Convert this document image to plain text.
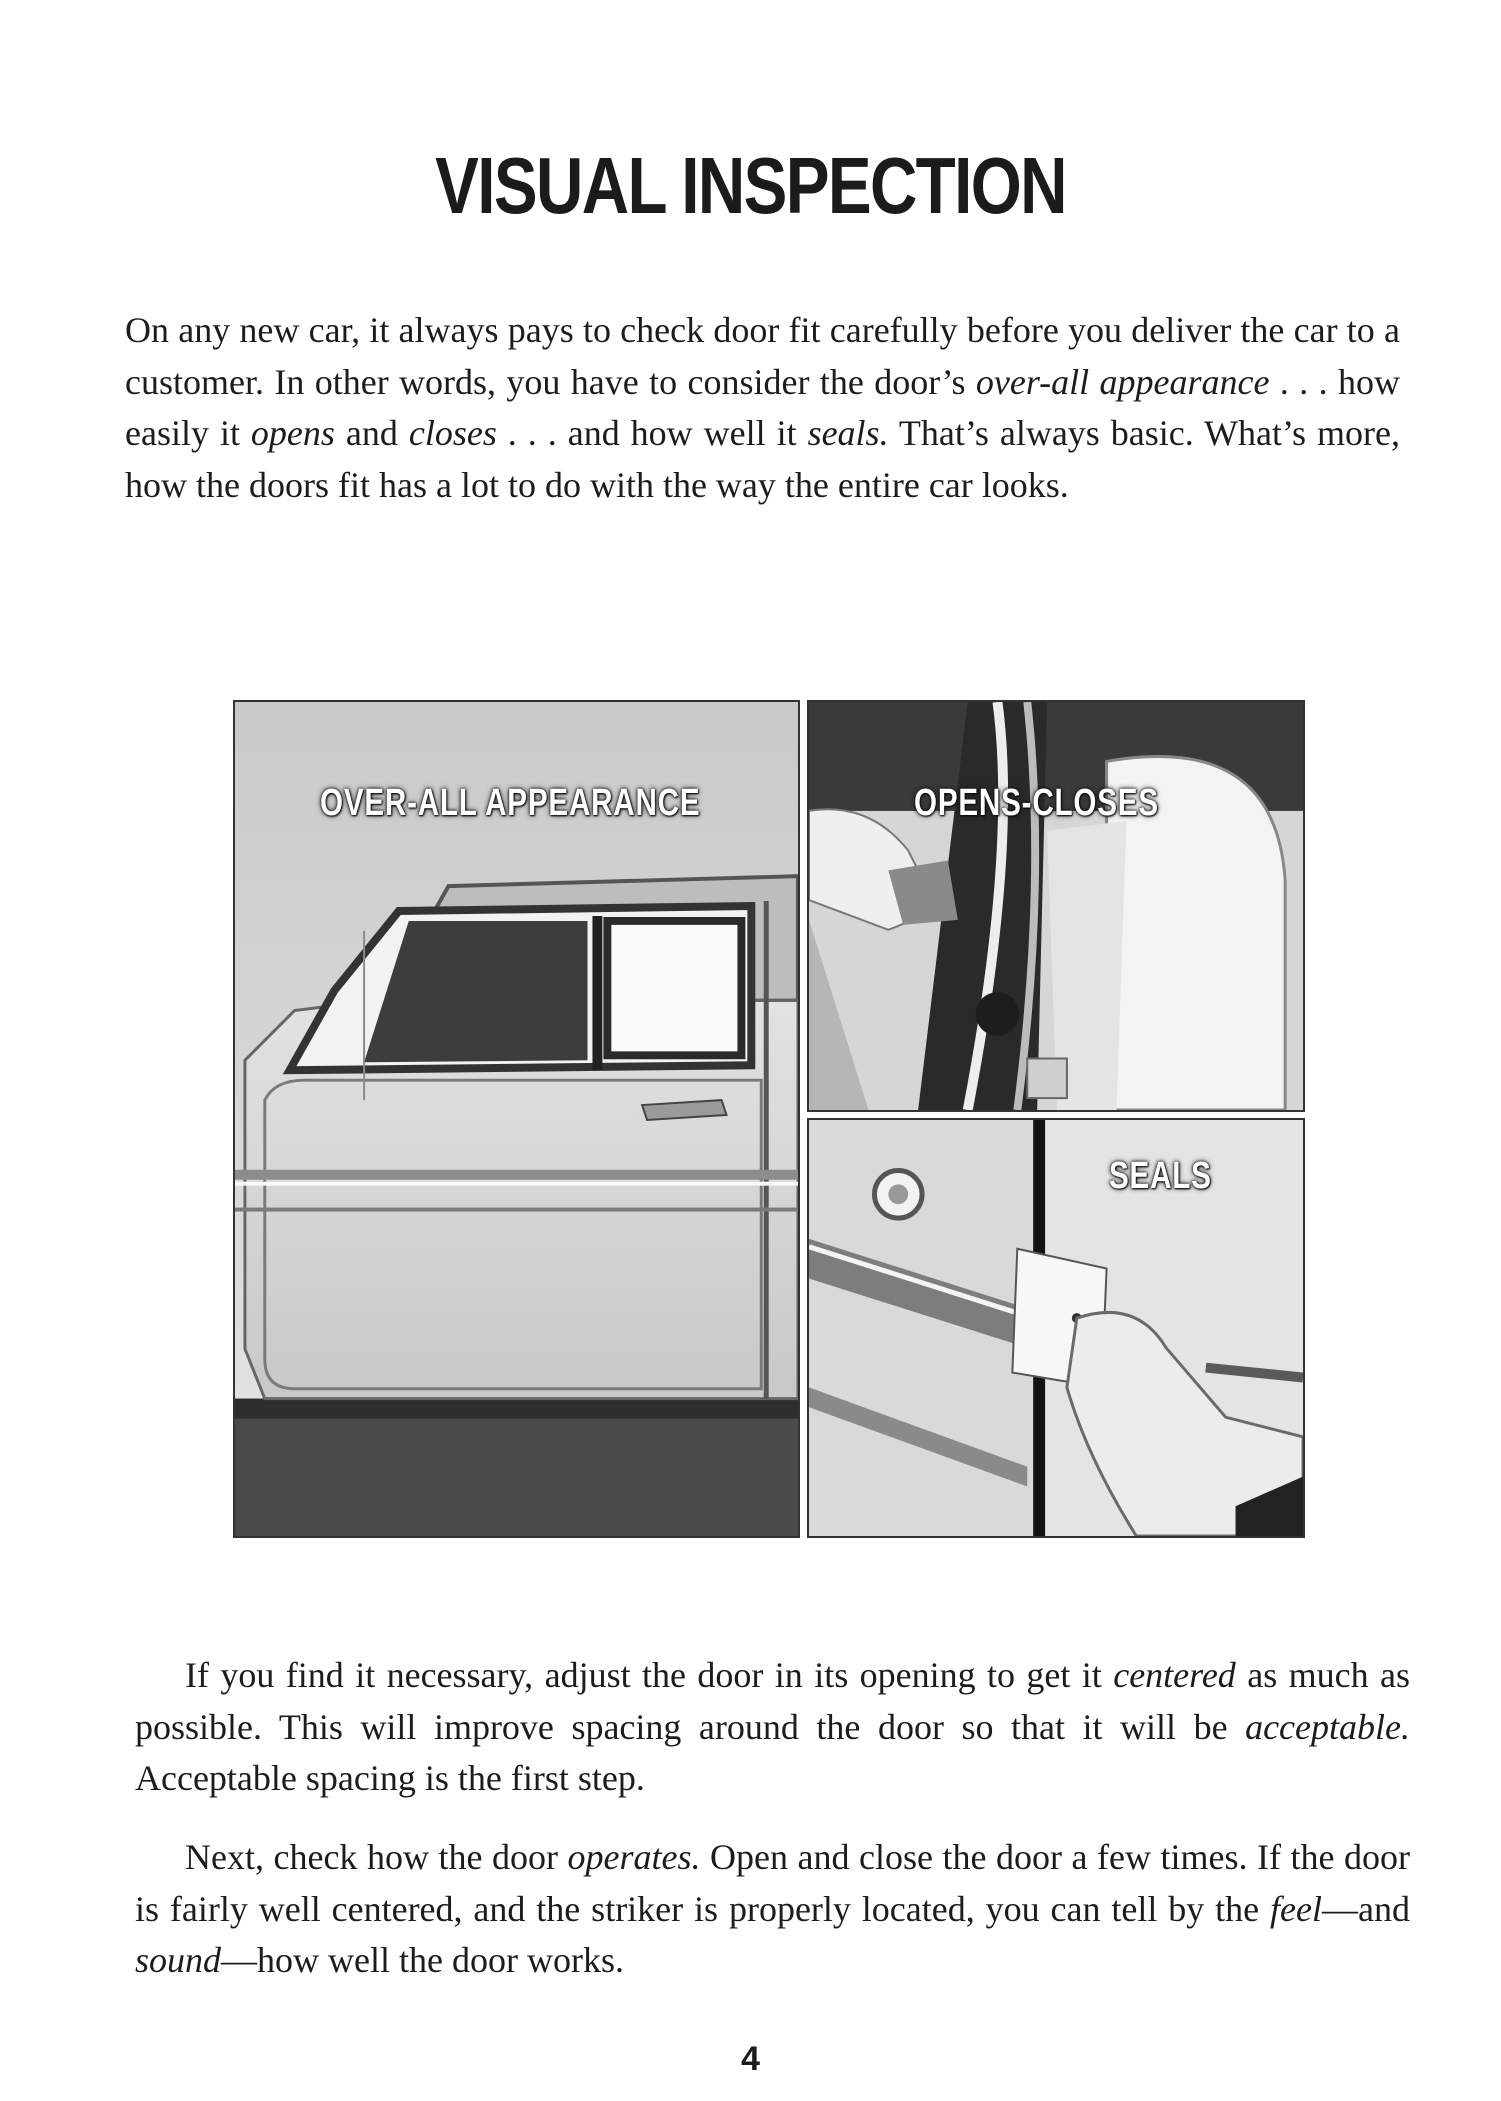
VISUAL INSPECTION

On any new car, it always pays to check door fit carefully before you deliver the car to a customer. In other words, you have to consider the door’s over-all appearance . . . how easily it opens and closes . . . and how well it seals. That’s always basic. What’s more, how the doors fit has a lot to do with the way the entire car looks.

OVER-ALL APPEARANCE	OPENS-CLOSES
SEALS

If you find it necessary, adjust the door in its opening to get it centered as much as possible. This will improve spacing around the door so that it will be acceptable. Acceptable spacing is the first step.

Next, check how the door operates. Open and close the door a few times. If the door is fairly well centered, and the striker is properly located, you can tell by the feel—and sound—how well the door works.

4
